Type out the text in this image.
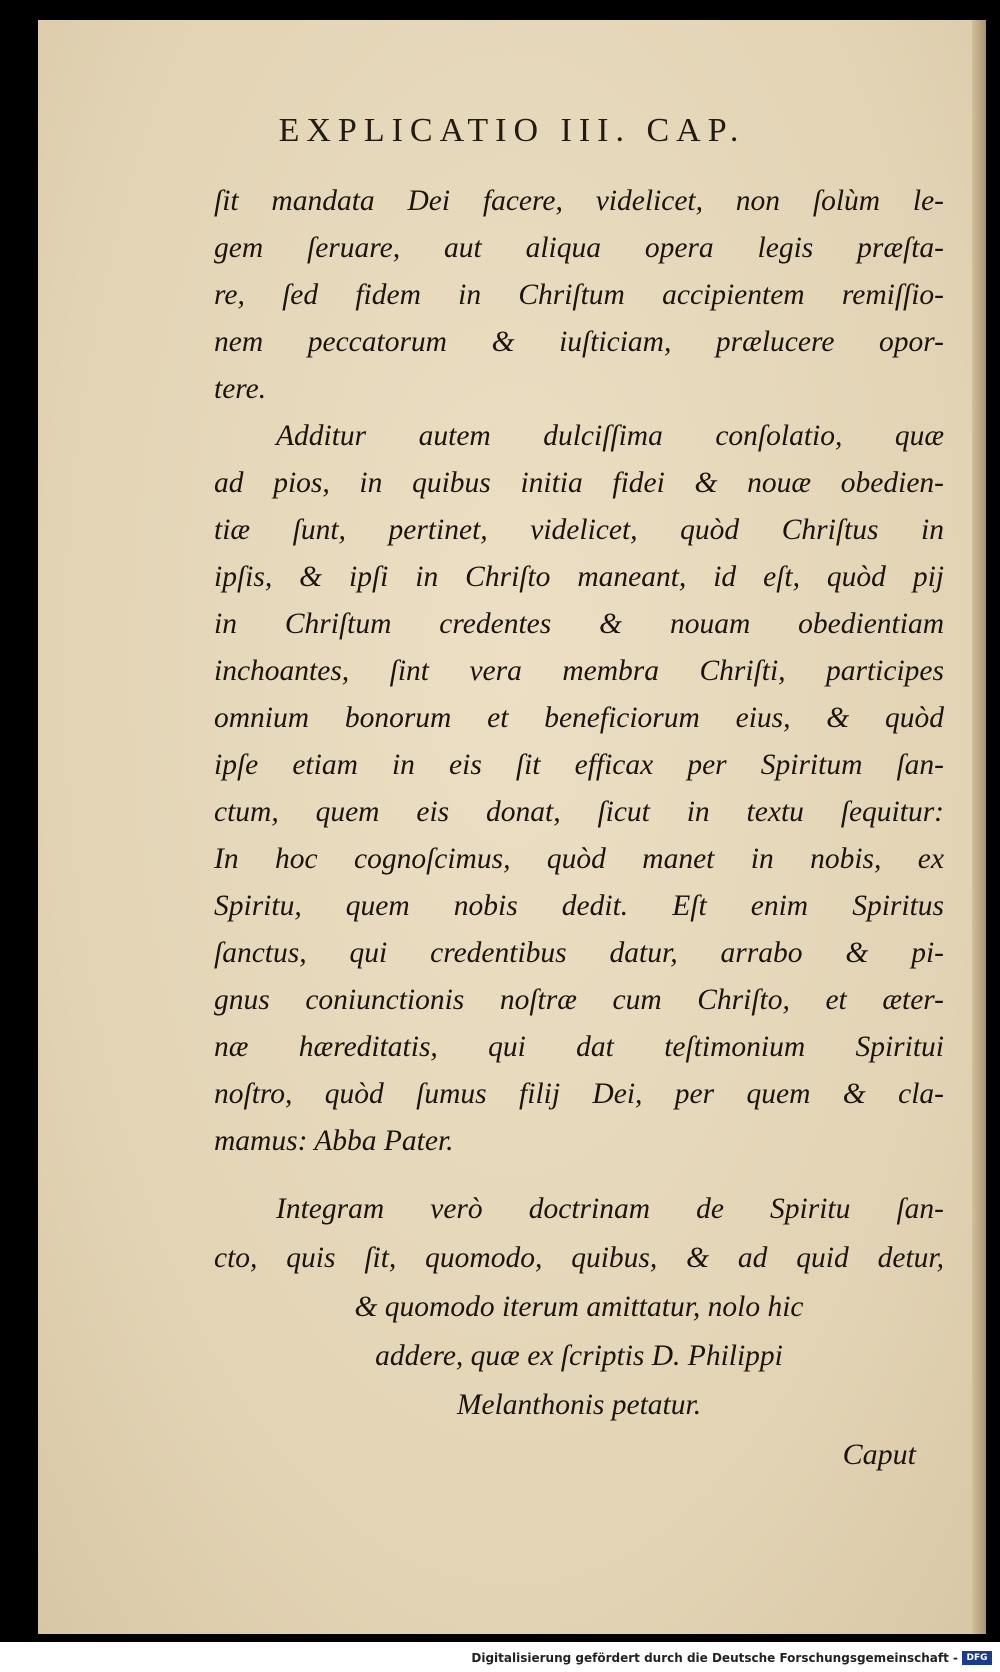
EXPLICATIO III. CAP.
ſit mandata Dei facere, videlicet, non ſolùm le-
gem ſeruare, aut aliqua opera legis præſta-
re, ſed fidem in Chriſtum accipientem remiſſio-
nem peccatorum & iuſticiam, prælucere opor-
tere.
Additur autem dulciſſima conſolatio, quæ
ad pios, in quibus initia fidei & nouæ obedien-
tiæ ſunt, pertinet, videlicet, quòd Chriſtus in
ipſis, & ipſi in Chriſto maneant, id eſt, quòd pij
in Chriſtum credentes & nouam obedientiam
inchoantes, ſint vera membra Chriſti, participes
omnium bonorum et beneficiorum eius, & quòd
ipſe etiam in eis ſit efficax per Spiritum ſan-
ctum, quem eis donat, ſicut in textu ſequitur:
In hoc cognoſcimus, quòd manet in nobis, ex
Spiritu, quem nobis dedit. Eſt enim Spiritus
ſanctus, qui credentibus datur, arrabo & pi-
gnus coniunctionis noſtræ cum Chriſto, et æter-
næ hæreditatis, qui dat teſtimonium Spiritui
noſtro, quòd ſumus filij Dei, per quem & cla-
mamus: Abba Pater.
Integram verò doctrinam de Spiritu ſan-
cto, quis ſit, quomodo, quibus, & ad quid detur,
& quomodo iterum amittatur, nolo hic
addere, quæ ex ſcriptis D. Philippi
Melanthonis petatur.
Caput
Digitalisierung gefördert durch die Deutsche Forschungsgemeinschaft - DFG
